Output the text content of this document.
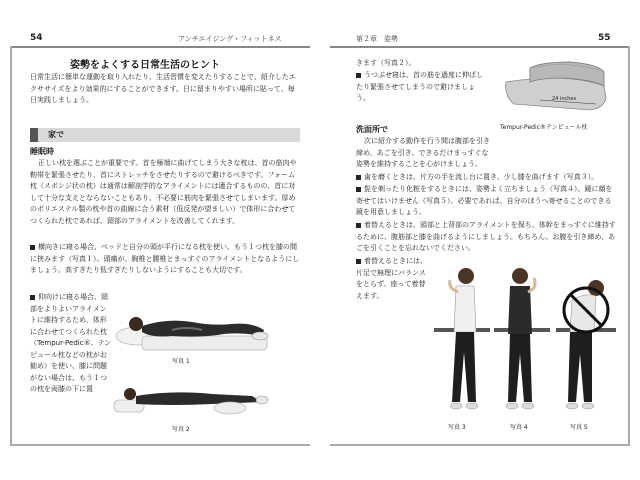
54	アンチエイジング・フィットネス
姿勢をよくする日常生活のヒント
日常生活に簡単な運動を取り入れたり、生活習慣を変えたりすることで、紹介したエクササイズをより効果的にすることができます。日に留まりやすい場所に貼って、毎日実践しましょう。
家で
睡眠時
正しい枕を選ぶことが重要です。首を極端に曲げてしまう大きな枕は、首の筋肉や靭帯を緊張させたり、首にストレッチをさせたりするので避けるべきです。フォーム枕（スポンジ状の枕）は通常は解剖学的なアライメントには適合するものの、首に対して十分な支えとならないこともあり、不必要に筋肉を緊張させてしまいます。厚めのポリエステル製の枕や首の曲線に合う素材（低反発が望ましい）で体形に合わせてつくられた枕であれば、頸部のアライメントを改善してくれます。
横向きに寝る場合、ベッドと自分の頭が平行になる枕を使い、もう１つ枕を膝の間に挟みます（写真１）。頭痛が、胸椎と腰椎とまっすぐのアライメントとなるようにしましょう。高すぎたり低すぎたりしないようにすることも大切です。
仰向けに寝る場合、頸部をよりよいアライメントに維持するため、体形に合わせてつくられた枕（Tempur-Pedic®、テンピュール枕などの枕がお勧め）を使い、膝に問題がない場合は、もう１つの枕を両膝の下に置
写真 1
写真 2
第２章　姿勢	55
きます（写真２）。
うつぶせ寝は、首の筋を過度に伸ばしたり緊張させてしまうので避けましょう。	24 inches
Tempur-Pedic®テンピュール枕
洗面所で
次に紹介する動作を行う間は腹部を引き締め、あごを引き、できるだけまっすぐな姿勢を維持することを心がけましょう。
歯を磨くときは、片方の手を流し台に置き、少し膝を曲げます（写真３）。
髭を剃ったり化粧をするときには、姿勢よく立ちましょう（写真４）。鏡に顔を寄せてはいけません（写真５）。必要であれば、自分のほうへ寄せることのできる鏡を用意しましょう。
着替えるときは、頭部と上背部のアライメントを保ち、体幹をまっすぐに維持するために、腹筋部と膝を曲げるようにしましょう。もちろん、お腹を引き締め、あごを引くことを忘れないでください。
着替えるときには、片足で無理にバランスをとらず、座って着替えます。
写真 3	写真 4	写真 5
